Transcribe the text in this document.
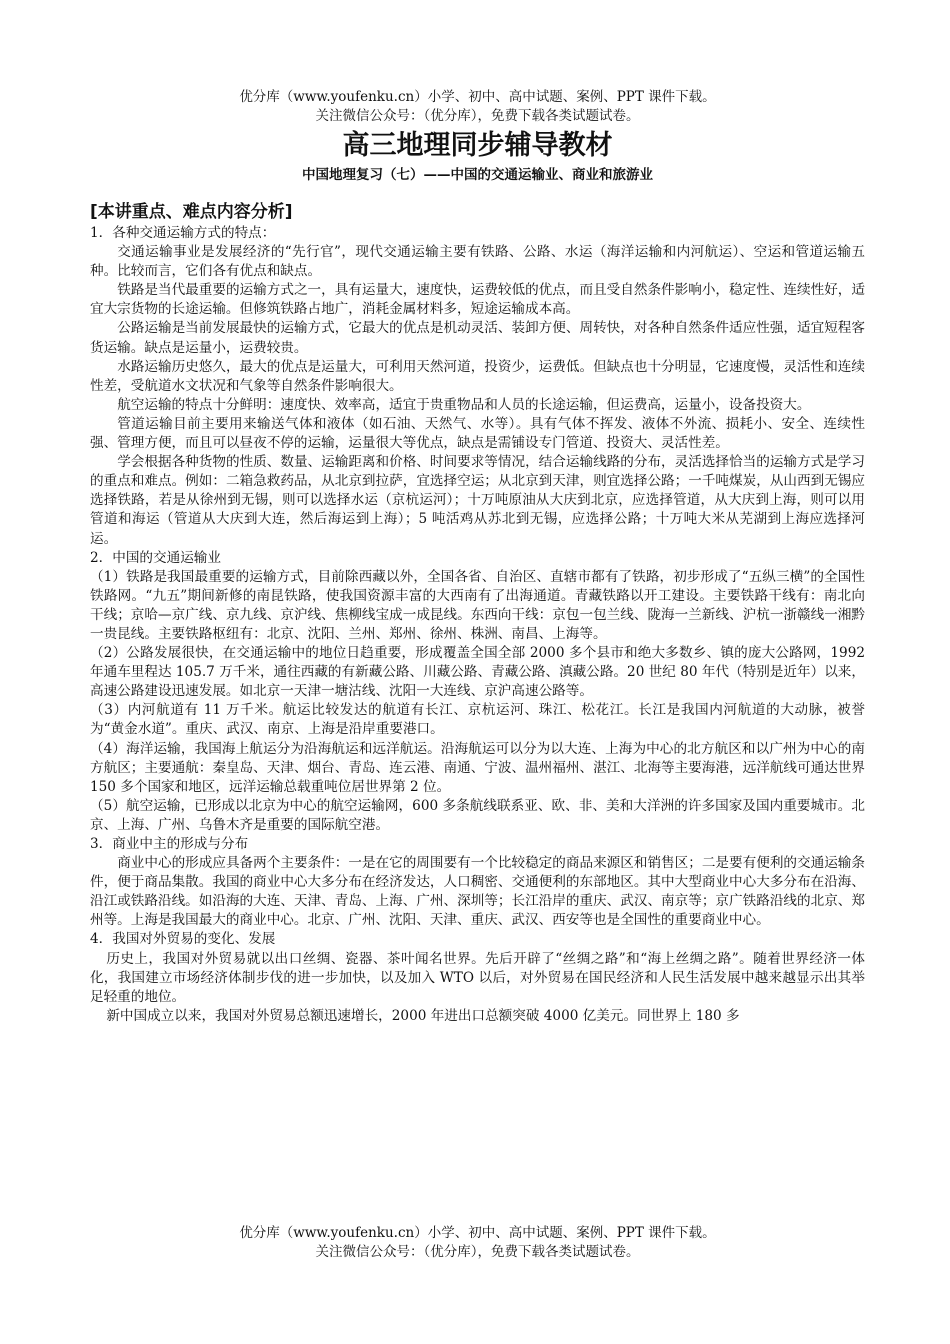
优分库（www.youfenku.cn）小学、初中、高中试题、案例、PPT 课件下载。
关注微信公众号：（优分库），免费下载各类试题试卷。
高三地理同步辅导教材
中国地理复习（七）——中国的交通运输业、商业和旅游业
[本讲重点、难点内容分析]

1．各种交通运输方式的特点：

交通运输事业是发展经济的“先行官”，现代交通运输主要有铁路、公路、水运（海洋运输和内河航运）、空运和管道运输五种。比较而言，它们各有优点和缺点。

铁路是当代最重要的运输方式之一，具有运量大，速度快，运费较低的优点，而且受自然条件影响小，稳定性、连续性好，适宜大宗货物的长途运输。但修筑铁路占地广，消耗金属材料多，短途运输成本高。

公路运输是当前发展最快的运输方式，它最大的优点是机动灵活、装卸方便、周转快，对各种自然条件适应性强，适宜短程客货运输。缺点是运量小，运费较贵。

水路运输历史悠久，最大的优点是运量大，可利用天然河道，投资少，运费低。但缺点也十分明显，它速度慢，灵活性和连续性差，受航道水文状况和气象等自然条件影响很大。

航空运输的特点十分鲜明：速度快、效率高，适宜于贵重物品和人员的长途运输，但运费高，运量小，设备投资大。

管道运输目前主要用来输送气体和液体（如石油、天然气、水等）。具有气体不挥发、液体不外流、损耗小、安全、连续性强、管理方便，而且可以昼夜不停的运输，运量很大等优点，缺点是需铺设专门管道、投资大、灵活性差。

学会根据各种货物的性质、数量、运输距离和价格、时间要求等情况，结合运输线路的分布，灵活选择恰当的运输方式是学习的重点和难点。例如：二箱急救药品，从北京到拉萨，宜选择空运；从北京到天津，则宜选择公路；一千吨煤炭，从山西到无锡应选择铁路，若是从徐州到无锡，则可以选择水运（京杭运河）；十万吨原油从大庆到北京，应选择管道，从大庆到上海，则可以用管道和海运（管道从大庆到大连，然后海运到上海）；5 吨活鸡从苏北到无锡，应选择公路；十万吨大米从芜湖到上海应选择河运。

2．中国的交通运输业

（1）铁路是我国最重要的运输方式，目前除西藏以外，全国各省、自治区、直辖市都有了铁路，初步形成了“五纵三横”的全国性铁路网。“九五”期间新修的南昆铁路，使我国资源丰富的大西南有了出海通道。青藏铁路以开工建设。主要铁路干线有：南北向干线；京哈—京广线、京九线、京沪线、焦柳线宝成一成昆线。东西向干线：京包一包兰线、陇海一兰新线、沪杭一浙赣线一湘黔一贵昆线。主要铁路枢纽有：北京、沈阳、兰州、郑州、徐州、株洲、南昌、上海等。

（2）公路发展很快，在交通运输中的地位日趋重要，形成覆盖全国全部 2000 多个县市和绝大多数乡、镇的庞大公路网，1992 年通车里程达 105.7 万千米，通往西藏的有新藏公路、川藏公路、青藏公路、滇藏公路。20 世纪 80 年代（特别是近年）以来，高速公路建设迅速发展。如北京一天津一塘沽线、沈阳一大连线、京沪高速公路等。

（3）内河航道有 11 万千米。航运比较发达的航道有长江、京杭运河、珠江、松花江。长江是我国内河航道的大动脉，被誉为“黄金水道”。重庆、武汉、南京、上海是沿岸重要港口。

（4）海洋运输，我国海上航运分为沿海航运和远洋航运。沿海航运可以分为以大连、上海为中心的北方航区和以广州为中心的南方航区；主要通航：秦皇岛、天津、烟台、青岛、连云港、南通、宁波、温州福州、湛江、北海等主要海港，远洋航线可通达世界 150 多个国家和地区，远洋运输总载重吨位居世界第 2 位。

（5）航空运输，已形成以北京为中心的航空运输网，600 多条航线联系亚、欧、非、美和大洋洲的许多国家及国内重要城市。北京、上海、广州、乌鲁木齐是重要的国际航空港。

3．商业中主的形成与分布

商业中心的形成应具备两个主要条件：一是在它的周围要有一个比较稳定的商品来源区和销售区；二是要有便利的交通运输条件，便于商品集散。我国的商业中心大多分布在经济发达，人口稠密、交通便利的东部地区。其中大型商业中心大多分布在沿海、沿江或铁路沿线。如沿海的大连、天津、青岛、上海、广州、深圳等；长江沿岸的重庆、武汉、南京等；京广铁路沿线的北京、郑州等。上海是我国最大的商业中心。北京、广州、沈阳、天津、重庆、武汉、西安等也是全国性的重要商业中心。

4．我国对外贸易的变化、发展

历史上，我国对外贸易就以出口丝绸、瓷器、茶叶闻名世界。先后开辟了“丝绸之路”和“海上丝绸之路”。随着世界经济一体化，我国建立市场经济体制步伐的进一步加快，以及加入 WTO 以后，对外贸易在国民经济和人民生活发展中越来越显示出其举足轻重的地位。

新中国成立以来，我国对外贸易总额迅速增长，2000 年进出口总额突破 4000 亿美元。同世界上 180 多

优分库（www.youfenku.cn）小学、初中、高中试题、案例、PPT 课件下载。
关注微信公众号：（优分库），免费下载各类试题试卷。
